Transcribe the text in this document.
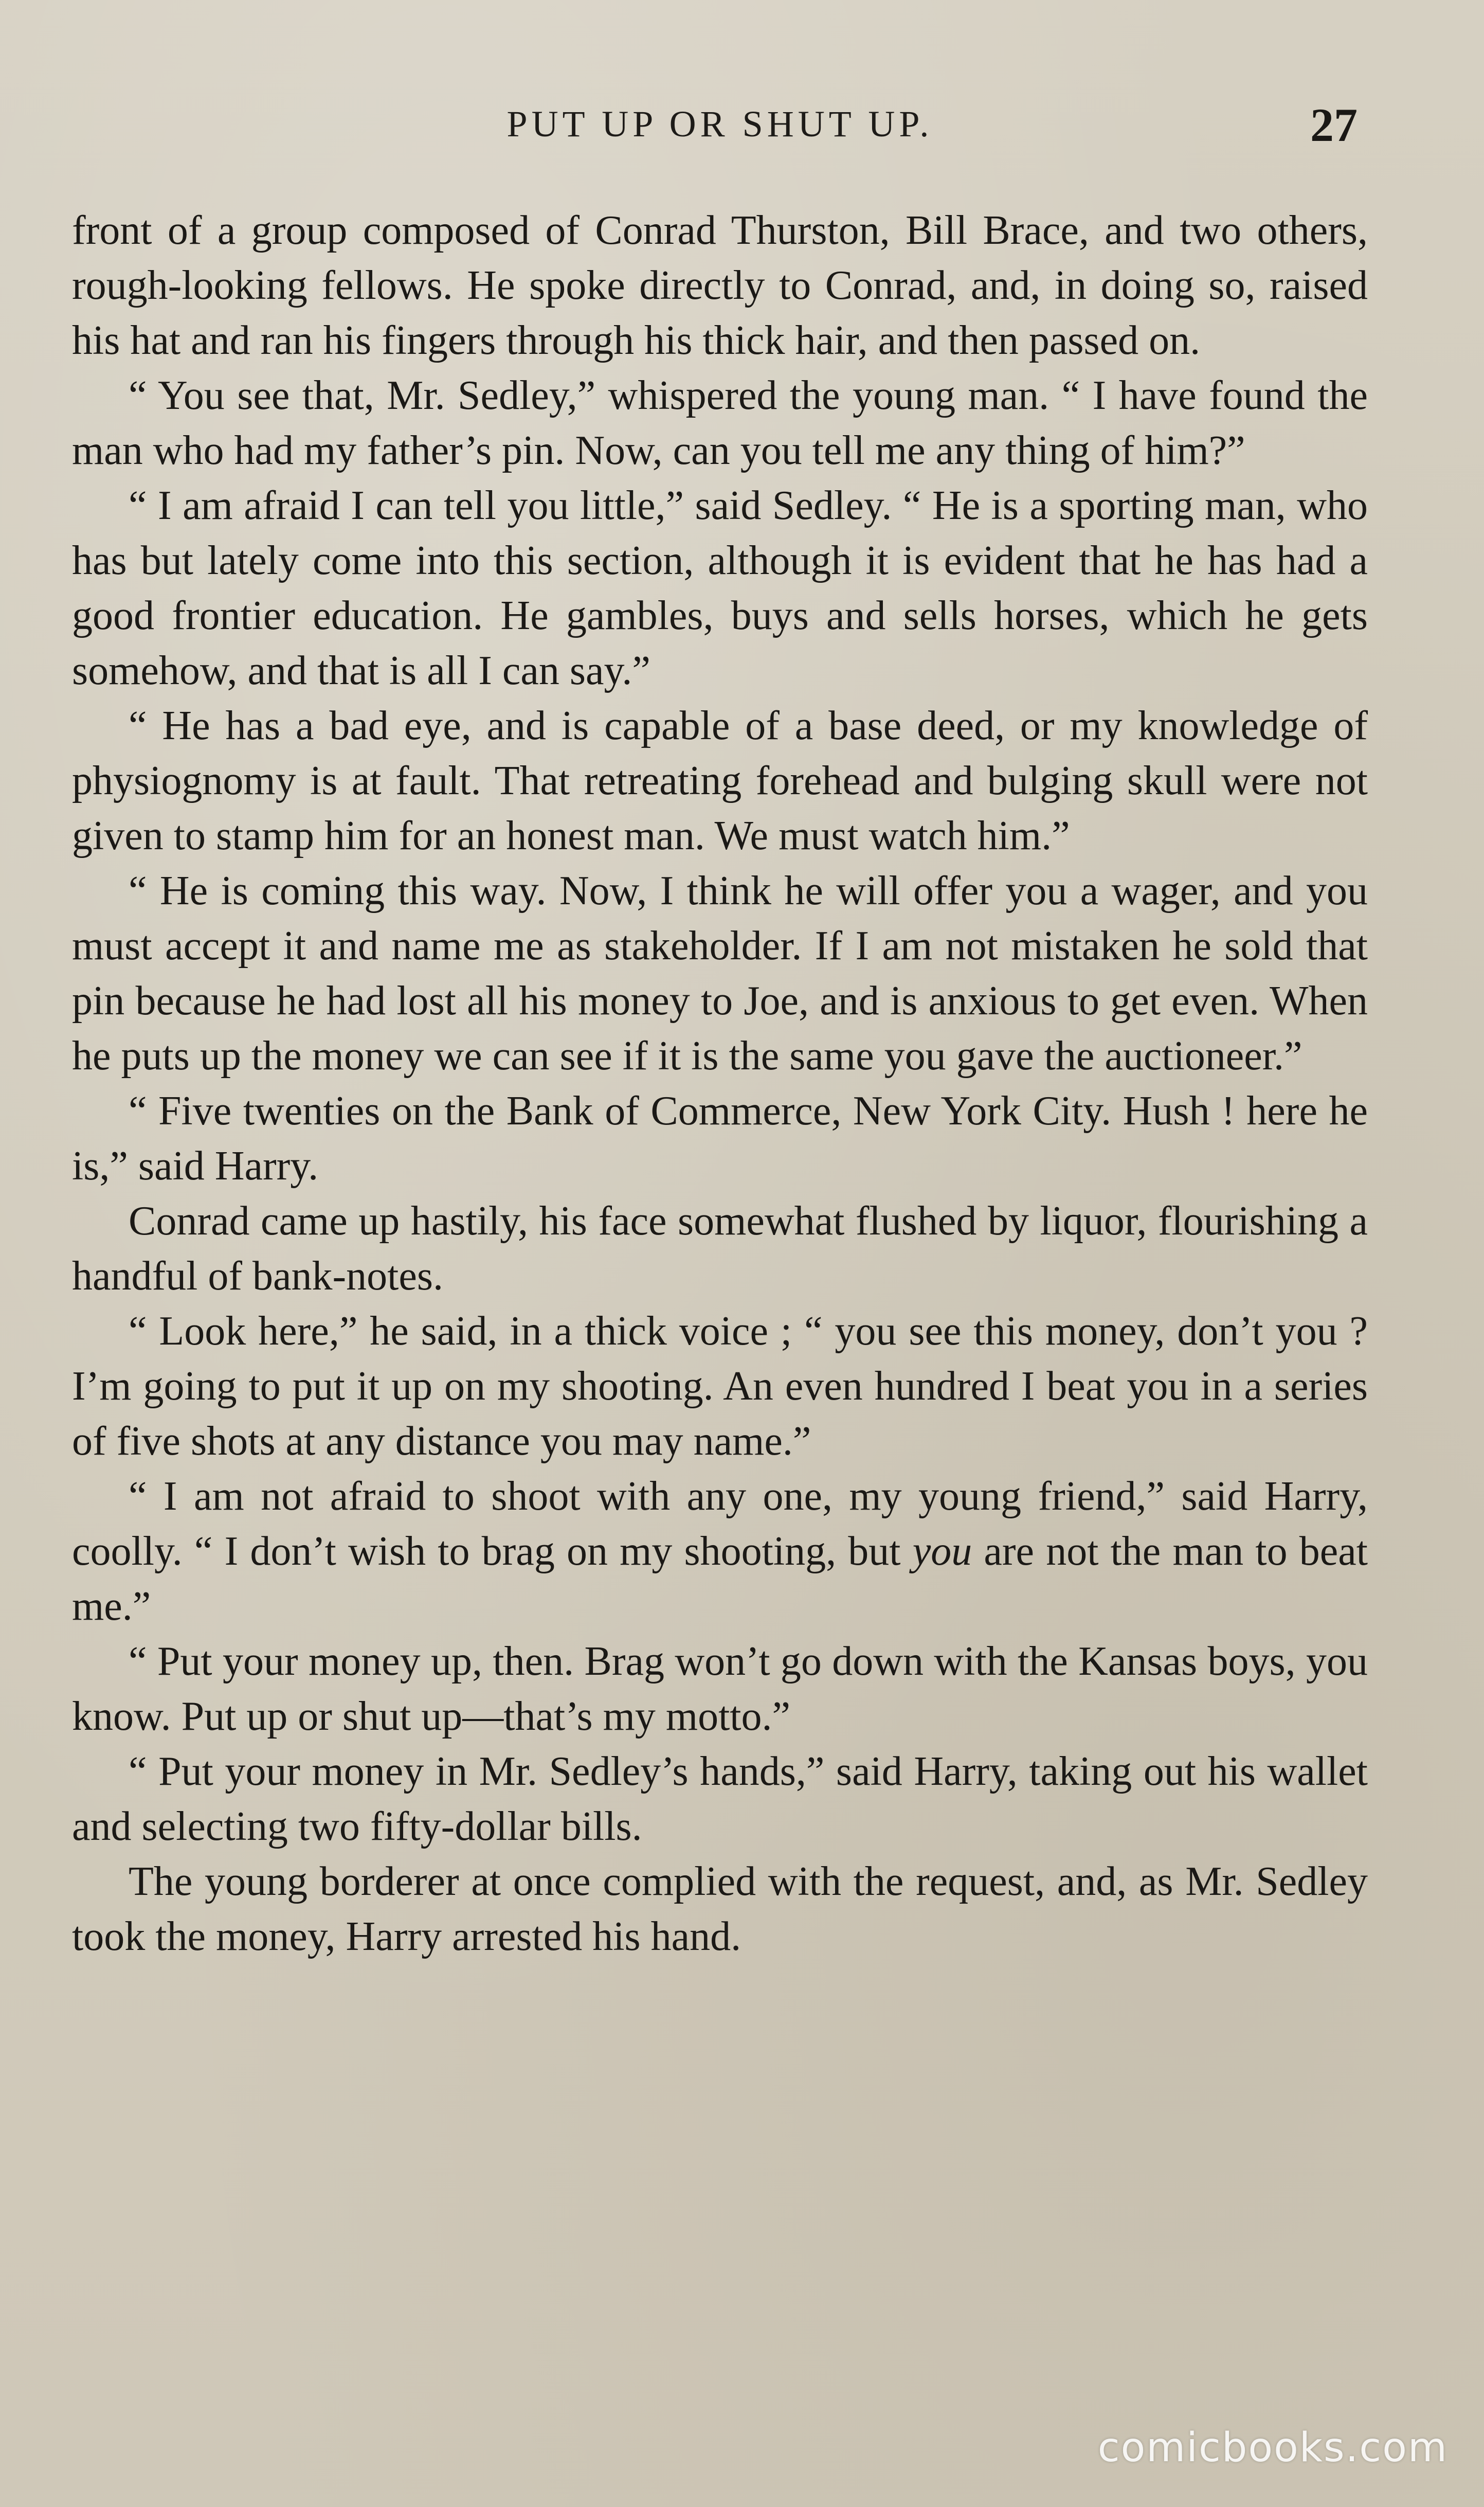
PUT UP OR SHUT UP.	27

front of a group composed of Conrad Thurston, Bill Brace, and two others, rough-looking fellows. He spoke directly to Conrad, and, in doing so, raised his hat and ran his fingers through his thick hair, and then passed on.

“ You see that, Mr. Sedley,” whispered the young man. “ I have found the man who had my father’s pin. Now, can you tell me any thing of him?”

“ I am afraid I can tell you little,” said Sedley. “ He is a sporting man, who has but lately come into this section, although it is evident that he has had a good frontier education. He gambles, buys and sells horses, which he gets somehow, and that is all I can say.”

“ He has a bad eye, and is capable of a base deed, or my knowledge of physiognomy is at fault. That retreating forehead and bulging skull were not given to stamp him for an honest man. We must watch him.”

“ He is coming this way. Now, I think he will offer you a wager, and you must accept it and name me as stakeholder. If I am not mistaken he sold that pin because he had lost all his money to Joe, and is anxious to get even. When he puts up the money we can see if it is the same you gave the auctioneer.”

“ Five twenties on the Bank of Commerce, New York City. Hush ! here he is,” said Harry.

Conrad came up hastily, his face somewhat flushed by liquor, flourishing a handful of bank-notes.

“ Look here,” he said, in a thick voice ; “ you see this money, don’t you ? I’m going to put it up on my shooting. An even hundred I beat you in a series of five shots at any distance you may name.”

“ I am not afraid to shoot with any one, my young friend,” said Harry, coolly. “ I don’t wish to brag on my shooting, but you are not the man to beat me.”

“ Put your money up, then. Brag won’t go down with the Kansas boys, you know. Put up or shut up—that’s my motto.”

“ Put your money in Mr. Sedley’s hands,” said Harry, taking out his wallet and selecting two fifty-dollar bills.

The young borderer at once complied with the request, and, as Mr. Sedley took the money, Harry arrested his hand.

comicbooks.com
